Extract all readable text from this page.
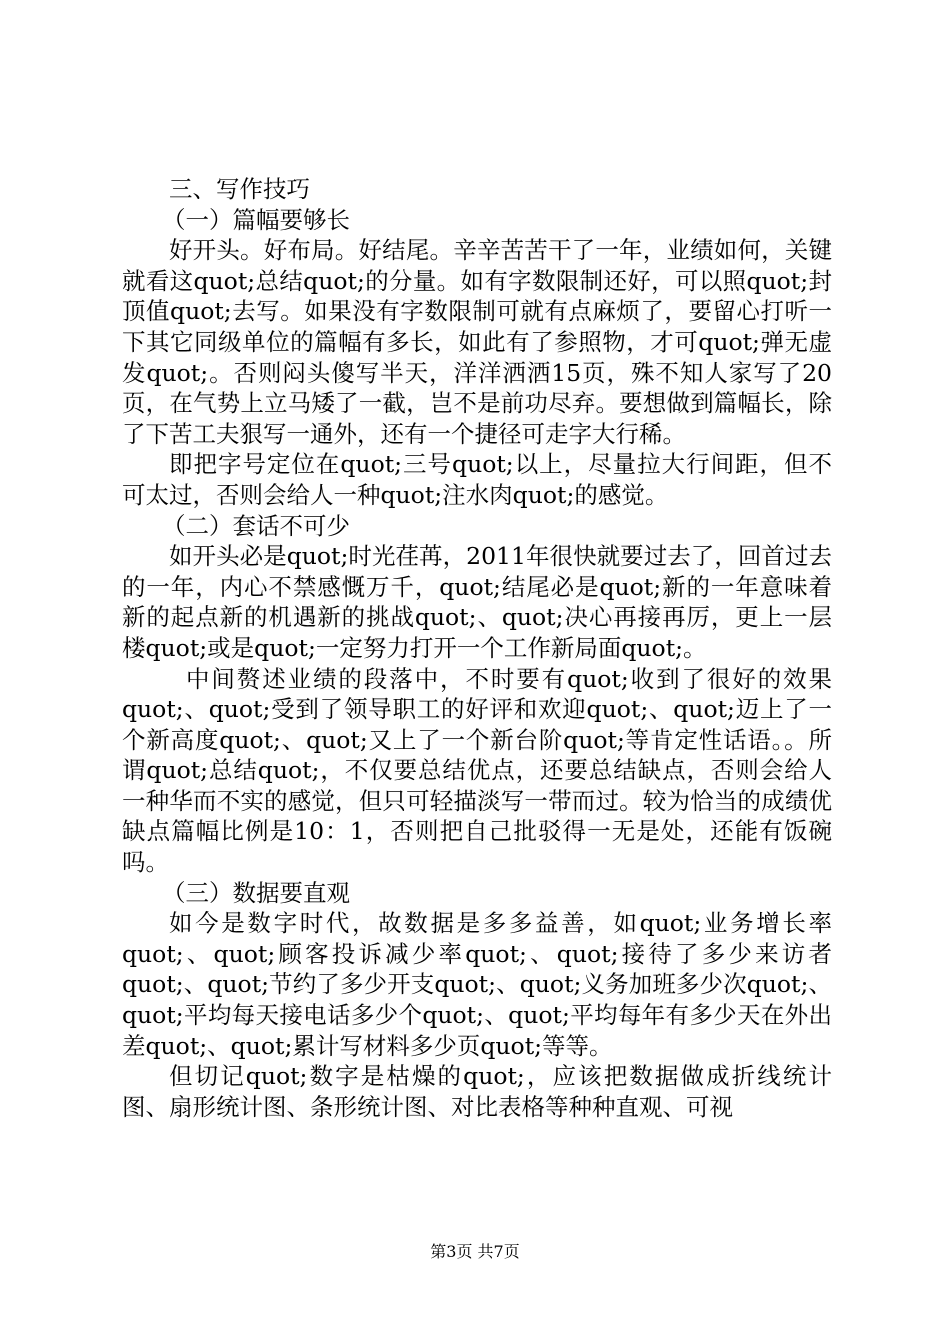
三、写作技巧

（一）篇幅要够长

好开头。好布局。好结尾。辛辛苦苦干了一年，业绩如何，关键就看这quot;总结quot;的分量。如有字数限制还好，可以照quot;封顶值quot;去写。如果没有字数限制可就有点麻烦了，要留心打听一下其它同级单位的篇幅有多长，如此有了参照物，才可quot;弹无虚发quot;。否则闷头傻写半天，洋洋洒洒15页，殊不知人家写了20页，在气势上立马矮了一截，岂不是前功尽弃。要想做到篇幅长，除了下苦工夫狠写一通外，还有一个捷径可走字大行稀。

即把字号定位在quot;三号quot;以上，尽量拉大行间距，但不可太过，否则会给人一种quot;注水肉quot;的感觉。

（二）套话不可少

如开头必是quot;时光荏苒，2011年很快就要过去了，回首过去的一年，内心不禁感慨万千，quot;结尾必是quot;新的一年意味着新的起点新的机遇新的挑战quot;、quot;决心再接再厉，更上一层楼quot;或是quot;一定努力打开一个工作新局面quot;。

中间赘述业绩的段落中，不时要有quot;收到了很好的效果quot;、quot;受到了领导职工的好评和欢迎quot;、quot;迈上了一个新高度quot;、quot;又上了一个新台阶quot;等肯定性话语。。所谓quot;总结quot;，不仅要总结优点，还要总结缺点，否则会给人一种华而不实的感觉，但只可轻描淡写一带而过。较为恰当的成绩优缺点篇幅比例是10：1，否则把自己批驳得一无是处，还能有饭碗吗。

（三）数据要直观

如今是数字时代，故数据是多多益善，如quot;业务增长率quot;、quot;顾客投诉减少率quot;、quot;接待了多少来访者quot;、quot;节约了多少开支quot;、quot;义务加班多少次quot;、quot;平均每天接电话多少个quot;、quot;平均每年有多少天在外出差quot;、quot;累计写材料多少页quot;等等。

但切记quot;数字是枯燥的quot;，应该把数据做成折线统计图、扇形统计图、条形统计图、对比表格等种种直观、可视

第3页 共7页
